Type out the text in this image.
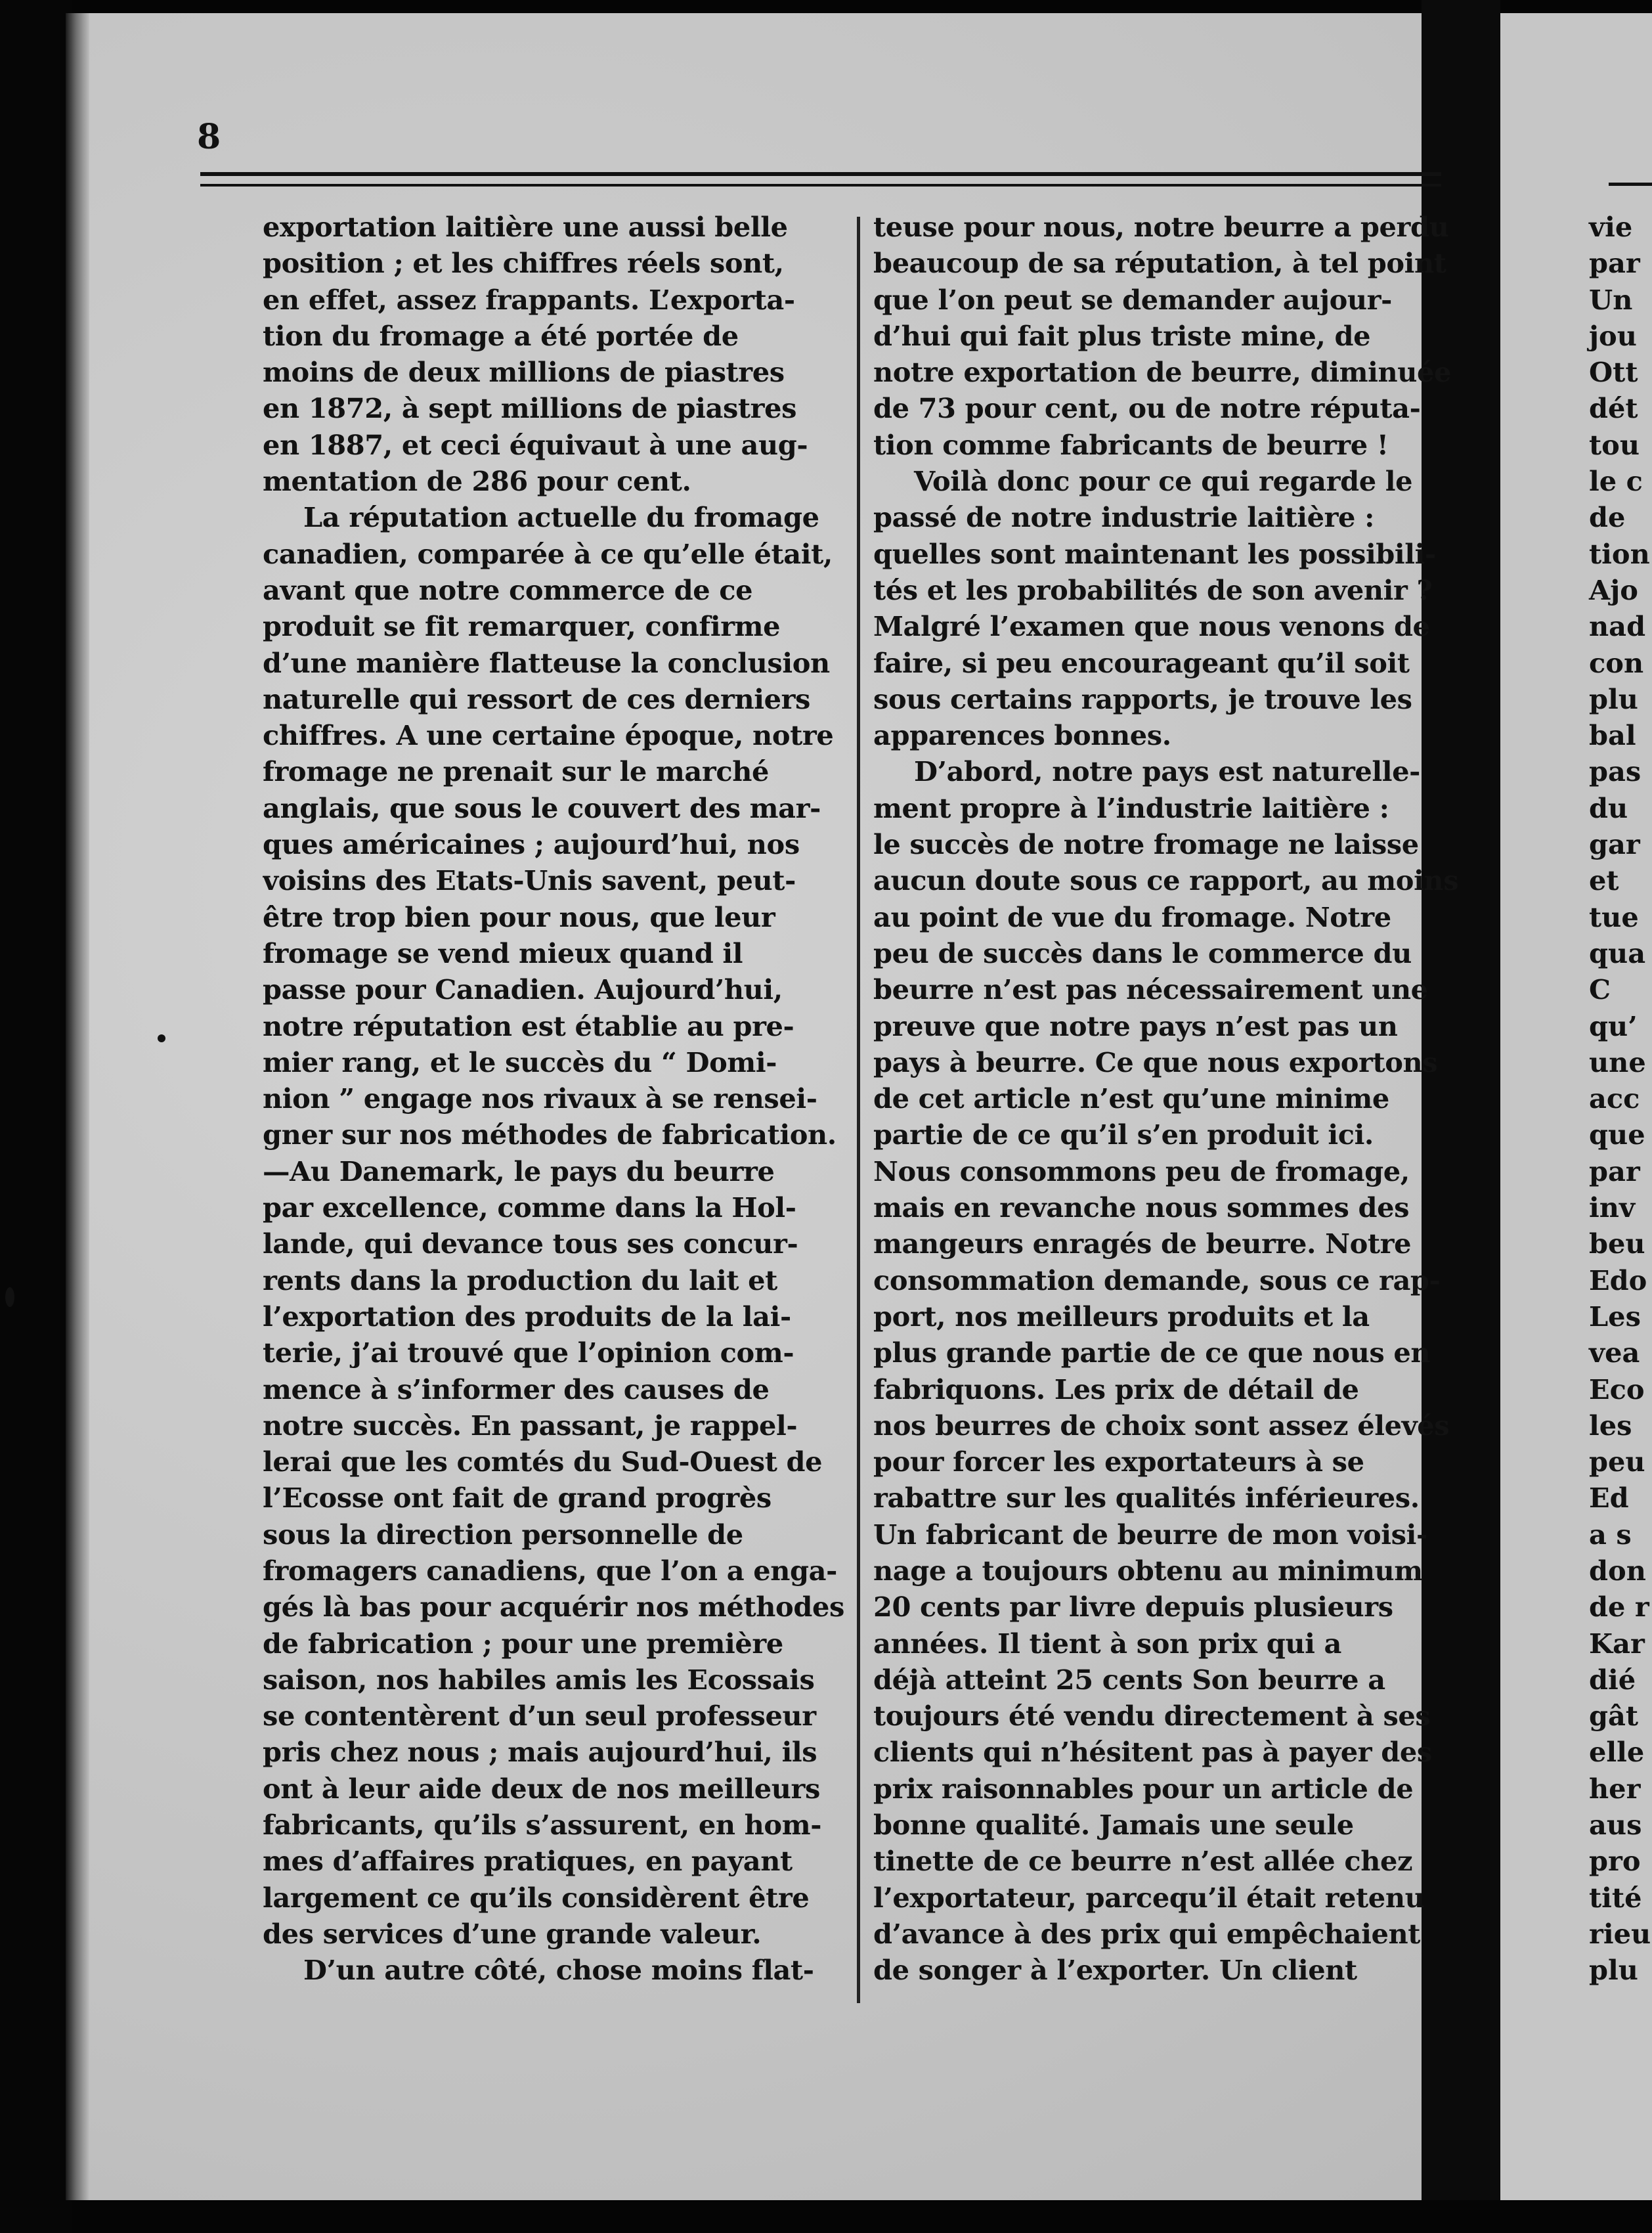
8
exportation laitière une aussi belle
position ; et les chiffres réels sont,
en effet, assez frappants. L’exporta-
tion du fromage a été portée de
moins de deux millions de piastres
en 1872, à sept millions de piastres
en 1887, et ceci équivaut à une aug-
mentation de 286 pour cent.
La réputation actuelle du fromage
canadien, comparée à ce qu’elle était,
avant que notre commerce de ce
produit se fit remarquer, confirme
d’une manière flatteuse la conclusion
naturelle qui ressort de ces derniers
chiffres. A une certaine époque, notre
fromage ne prenait sur le marché
anglais, que sous le couvert des mar-
ques américaines ; aujourd’hui, nos
voisins des Etats-Unis savent, peut-
être trop bien pour nous, que leur
fromage se vend mieux quand il
passe pour Canadien. Aujourd’hui,
notre réputation est établie au pre-
mier rang, et le succès du “ Domi-
nion ” engage nos rivaux à se rensei-
gner sur nos méthodes de fabrication.
—Au Danemark, le pays du beurre
par excellence, comme dans la Hol-
lande, qui devance tous ses concur-
rents dans la production du lait et
l’exportation des produits de la lai-
terie, j’ai trouvé que l’opinion com-
mence à s’informer des causes de
notre succès. En passant, je rappel-
lerai que les comtés du Sud-Ouest de
l’Ecosse ont fait de grand progrès
sous la direction personnelle de
fromagers canadiens, que l’on a enga-
gés là bas pour acquérir nos méthodes
de fabrication ; pour une première
saison, nos habiles amis les Ecossais
se contentèrent d’un seul professeur
pris chez nous ; mais aujourd’hui, ils
ont à leur aide deux de nos meilleurs
fabricants, qu’ils s’assurent, en hom-
mes d’affaires pratiques, en payant
largement ce qu’ils considèrent être
des services d’une grande valeur.
D’un autre côté, chose moins flat-
teuse pour nous, notre beurre a perdu
beaucoup de sa réputation, à tel point
que l’on peut se demander aujour-
d’hui qui fait plus triste mine, de
notre exportation de beurre, diminuée
de 73 pour cent, ou de notre réputa-
tion comme fabricants de beurre !
Voilà donc pour ce qui regarde le
passé de notre industrie laitière :
quelles sont maintenant les possibili-
tés et les probabilités de son avenir ?
Malgré l’examen que nous venons de
faire, si peu encourageant qu’il soit
sous certains rapports, je trouve les
apparences bonnes.
D’abord, notre pays est naturelle-
ment propre à l’industrie laitière :
le succès de notre fromage ne laisse
aucun doute sous ce rapport, au moins
au point de vue du fromage. Notre
peu de succès dans le commerce du
beurre n’est pas nécessairement une
preuve que notre pays n’est pas un
pays à beurre. Ce que nous exportons
de cet article n’est qu’une minime
partie de ce qu’il s’en produit ici.
Nous consommons peu de fromage,
mais en revanche nous sommes des
mangeurs enragés de beurre. Notre
consommation demande, sous ce rap-
port, nos meilleurs produits et la
plus grande partie de ce que nous en
fabriquons. Les prix de détail de
nos beurres de choix sont assez élevés
pour forcer les exportateurs à se
rabattre sur les qualités inférieures.
Un fabricant de beurre de mon voisi-
nage a toujours obtenu au minimum
20 cents par livre depuis plusieurs
années. Il tient à son prix qui a
déjà atteint 25 cents Son beurre a
toujours été vendu directement à ses
clients qui n’hésitent pas à payer des
prix raisonnables pour un article de
bonne qualité. Jamais une seule
tinette de ce beurre n’est allée chez
l’exportateur, parcequ’il était retenu
d’avance à des prix qui empêchaient
de songer à l’exporter. Un client
vie
par
Un
jou
Ott
dét
tou
le c
de
tion
Ajo
nad
con
plu
bal
pas
du
gar
et
tue
qua
C
qu’
une
acc
que
par
inv
beu
Edo
Les
vea
Eco
les
peu
Ed
a s
don
de r
Kar
dié
gât
elle
her
aus
pro
tité
rieu
plu
